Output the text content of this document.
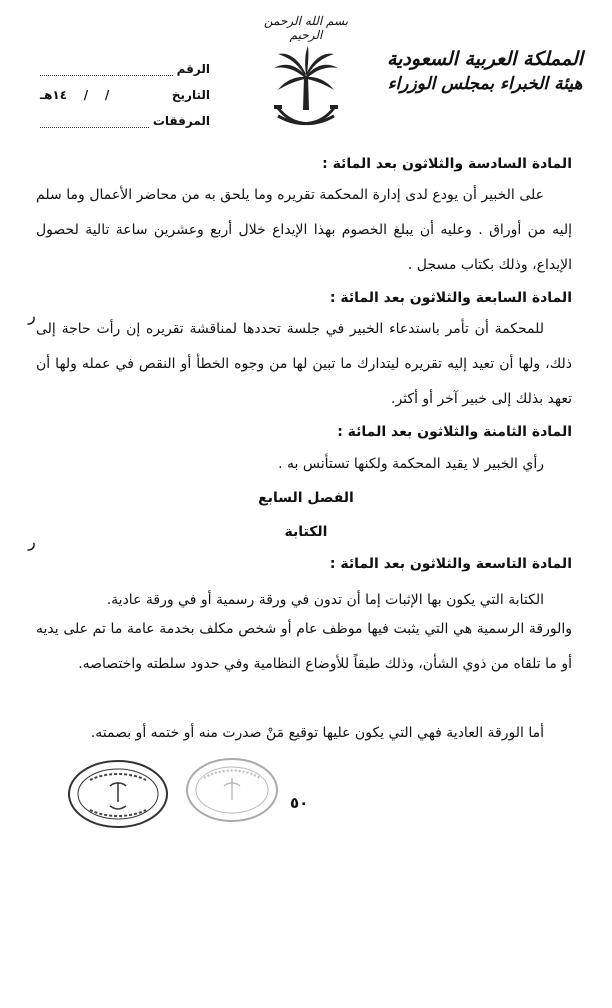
بسم الله الرحمن الرحيم
المملكة العربية السعودية
هيئة الخبراء بمجلس الوزراء
الرقم
التاريخ
/    /    ١٤هـ
المرفقات
المادة السادسة والثلاثون بعد المائة :
على الخبير أن يودع لدى إدارة المحكمة تقريره وما يلحق به من محاضر الأعمال وما سلم إليه من أوراق . وعليه أن يبلغ الخصوم بهذا الإيداع خلال أربع وعشرين ساعة تالية لحصول الإيداع، وذلك بكتاب مسجل .
المادة السابعة والثلاثون بعد المائة :
للمحكمة أن تأمر باستدعاء الخبير في جلسة تحددها لمناقشة تقريره إن رأت حاجة إلى ذلك، ولها أن تعيد إليه تقريره ليتدارك ما تبين لها من وجوه الخطأ أو النقص في عمله ولها أن تعهد بذلك إلى خبير آخر أو أكثر.
المادة الثامنة والثلاثون بعد المائة :
رأي الخبير لا يقيد المحكمة ولكنها تستأنس به .
الفصل السابع
الكتابة
المادة التاسعة والثلاثون بعد المائة :
الكتابة التي يكون بها الإثبات إما أن تدون في ورقة رسمية أو في ورقة عادية.
والورقة الرسمية هي التي يثبت فيها موظف عام أو شخص مكلف بخدمة عامة ما تم على يديه أو ما تلقاه من ذوي الشأن، وذلك طبقاً للأوضاع النظامية وفي حدود سلطته واختصاصه.
أما الورقة العادية فهي التي يكون عليها توقيع مَنْ صدرت منه أو ختمه أو بصمته.
ر
ر
٥٠
